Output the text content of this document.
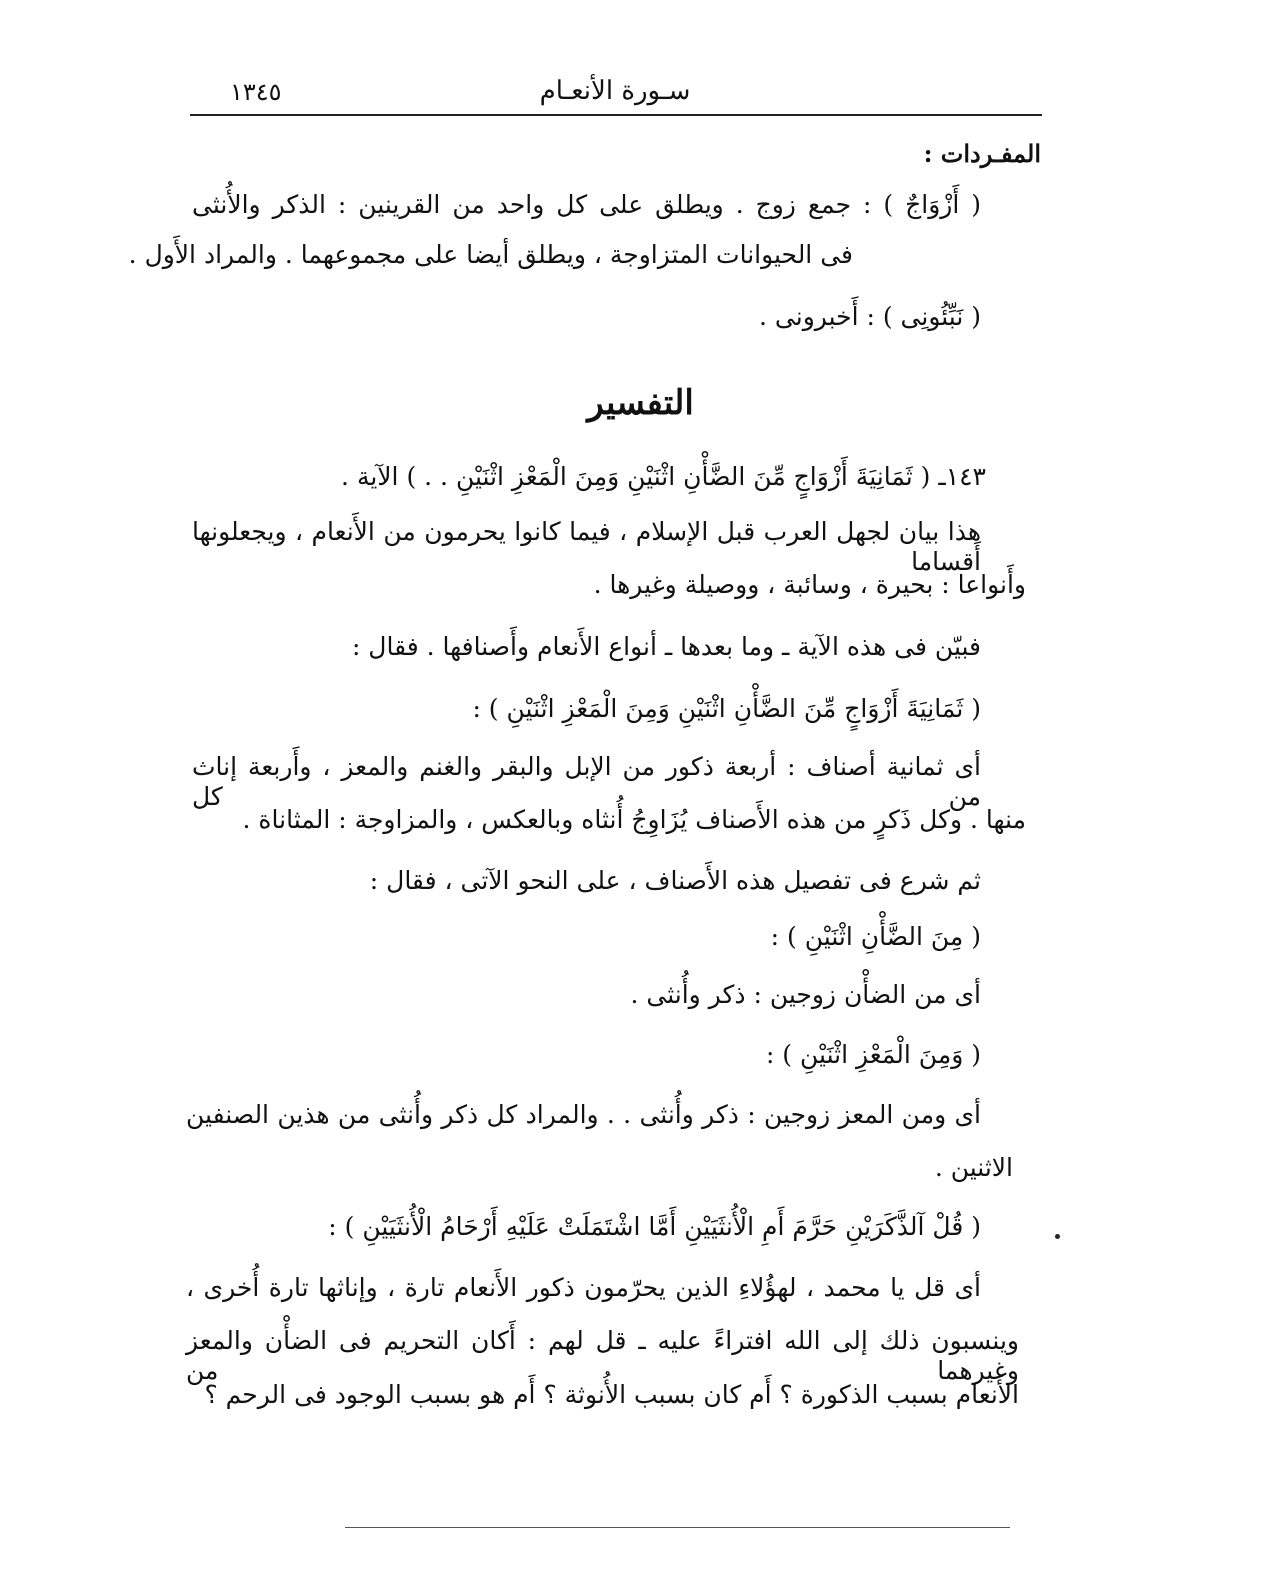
١٣٤٥	سـورة الأنعـام
المفـردات :
( أَزْوَاجٌ ) : جمع زوج . ويطلق على كل واحد من القرينين : الذكر والأُنثى
فى الحيوانات المتزاوجة ، ويطلق أيضا على مجموعهما . والمراد الأَول .
( نَبِّئُونِى ) : أَخبرونى .
التفسير
١٤٣ـ ( ثَمَانِيَةَ أَزْوَاجٍ مِّنَ الضَّأْنِ اثْنَيْنِ وَمِنَ الْمَعْزِ اثْنَيْنِ . . ) الآية .
هذا بيان لجهل العرب قبل الإسلام ، فيما كانوا يحرمون من الأَنعام ، ويجعلونها أَقساما
وأَنواعا : بحيرة ، وسائبة ، ووصيلة وغيرها .
فبيّن فى هذه الآية ـ وما بعدها ـ أنواع الأَنعام وأَصنافها . فقال :
( ثَمَانِيَةَ أَزْوَاجٍ مِّنَ الضَّأْنِ اثْنَيْنِ وَمِنَ الْمَعْزِ اثْنَيْنِ ) :
أى ثمانية أصناف : أربعة ذكور من الإبل والبقر والغنم والمعز ، وأَربعة إناث من كل
منها . وكل ذَكرٍ من هذه الأَصناف يُزَاوِجُ أُنثاه وبالعكس ، والمزاوجة : المثاناة .
ثم شرع فى تفصيل هذه الأَصناف ، على النحو الآتى ، فقال :
( مِنَ الضَّأْنِ اثْنَيْنِ ) :
أى من الضأْن زوجين : ذكر وأُنثى .
( وَمِنَ الْمَعْزِ اثْنَيْنِ ) :
أى ومن المعز زوجين : ذكر وأُنثى . . والمراد كل ذكر وأُنثى من هذين الصنفين
الاثنين .
( قُلْ آلذَّكَرَيْنِ حَرَّمَ أَمِ الْأُنثَيَيْنِ أَمَّا اشْتَمَلَتْ عَلَيْهِ أَرْحَامُ الْأُنثَيَيْنِ ) :
أى قل يا محمد ، لهؤُلاءِ الذين يحرّمون ذكور الأَنعام تارة ، وإناثها تارة أُخرى ،
وينسبون ذلك إلى الله افتراءً عليه ـ قل لهم : أَكان التحريم فى الضأْن والمعز وغيرهما من
الأَنعام بسبب الذكورة ؟ أَم كان بسبب الأُنوثة ؟ أَم هو بسبب الوجود فى الرحم ؟
